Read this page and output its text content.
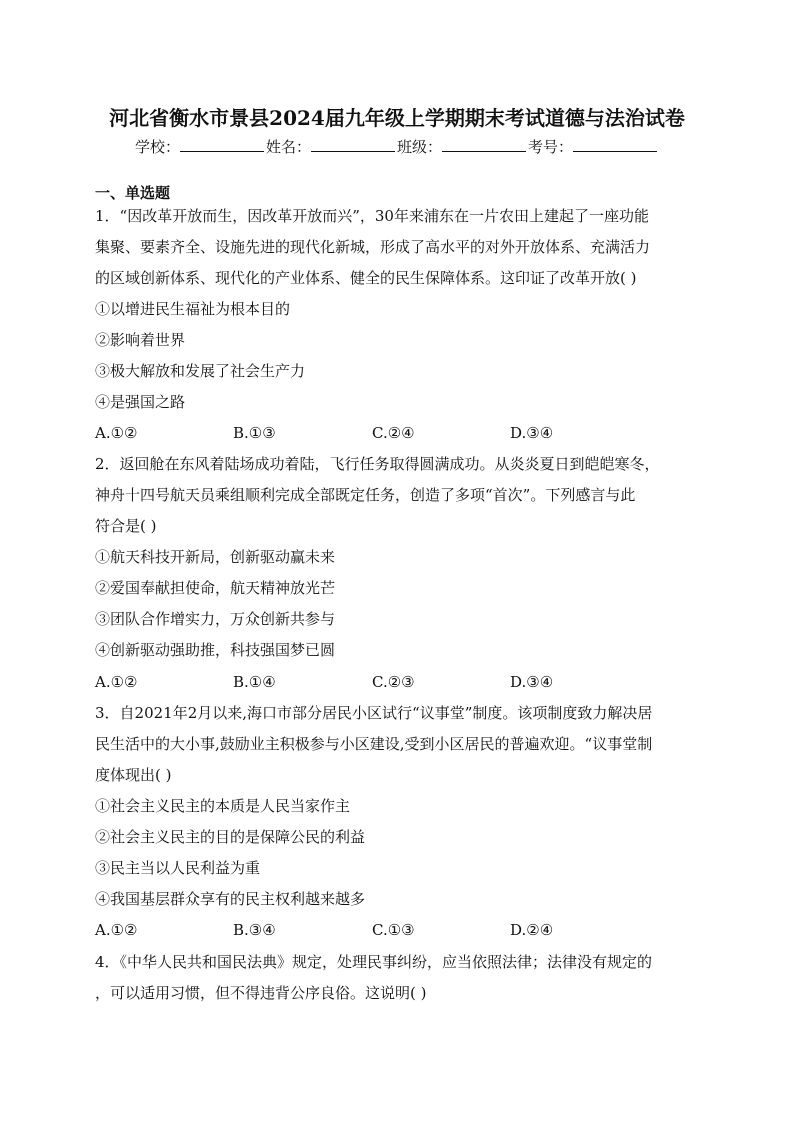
河北省衡水市景县2024届九年级上学期期末考试道德与法治试卷
学校：	姓名：	班级：	考号：
一、单选题
1．“因改革开放而生，因改革开放而兴”，30年来浦东在一片农田上建起了一座功能
集聚、要素齐全、设施先进的现代化新城，形成了高水平的对外开放体系、充满活力
的区域创新体系、现代化的产业体系、健全的民生保障体系。这印证了改革开放( )
①以增进民生福祉为根本目的
②影响着世界
③极大解放和发展了社会生产力
④是强国之路
A.①②	B.①③	C.②④	D.③④
2．返回舱在东风着陆场成功着陆，飞行任务取得圆满成功。从炎炎夏日到皑皑寒冬，
神舟十四号航天员乘组顺利完成全部既定任务，创造了多项“首次”。下列感言与此
符合是( )
①航天科技开新局，创新驱动赢未来
②爱国奉献担使命，航天精神放光芒
③团队合作增实力，万众创新共参与
④创新驱动强助推，科技强国梦已圆
A.①②	B.①④	C.②③	D.③④
3．自2021年2月以来,海口市部分居民小区试行“议事堂”制度。该项制度致力解决居
民生活中的大小事,鼓励业主积极参与小区建设,受到小区居民的普遍欢迎。“议事堂制
度体现出( )
①社会主义民主的本质是人民当家作主
②社会主义民主的目的是保障公民的利益
③民主当以人民利益为重
④我国基层群众享有的民主权利越来越多
A.①②	B.③④	C.①③	D.②④
4．《中华人民共和国民法典》规定，处理民事纠纷，应当依照法律；法律没有规定的
，可以适用习惯，但不得违背公序良俗。这说明( )
